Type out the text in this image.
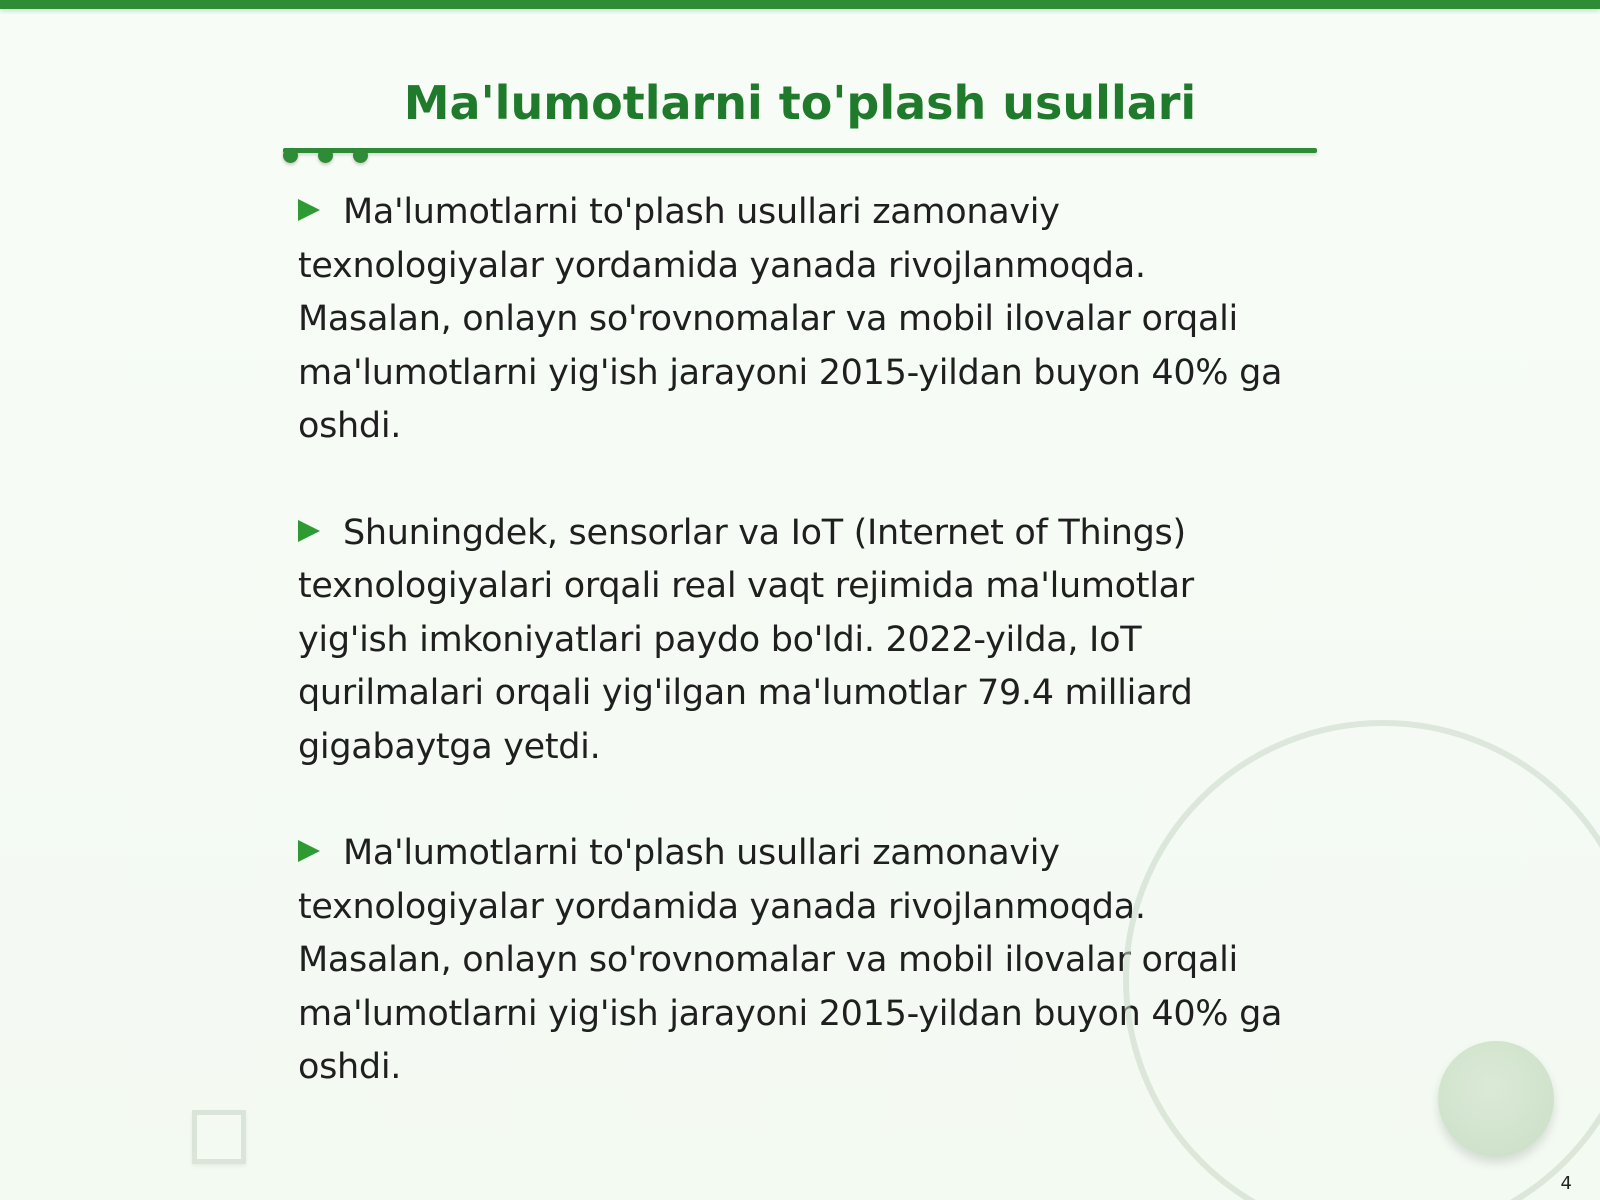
Ma'lumotlarni to'plash usullari

Ma'lumotlarni to'plash usullari zamonaviy texnologiyalar yordamida yanada rivojlanmoqda. Masalan, onlayn so'rovnomalar va mobil ilovalar orqali ma'lumotlarni yig'ish jarayoni 2015-yildan buyon 40% ga oshdi.

Shuningdek, sensorlar va IoT (Internet of Things) texnologiyalari orqali real vaqt rejimida ma'lumotlar yig'ish imkoniyatlari paydo bo'ldi. 2022-yilda, IoT qurilmalari orqali yig'ilgan ma'lumotlar 79.4 milliard gigabaytga yetdi.

Ma'lumotlarni to'plash usullari zamonaviy texnologiyalar yordamida yanada rivojlanmoqda. Masalan, onlayn so'rovnomalar va mobil ilovalar orqali ma'lumotlarni yig'ish jarayoni 2015-yildan buyon 40% ga oshdi.

4
